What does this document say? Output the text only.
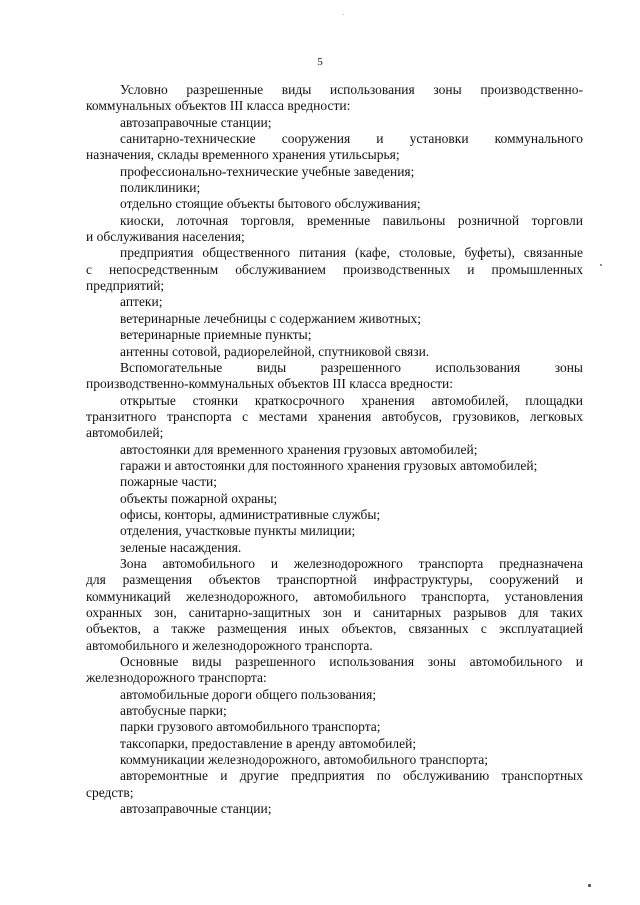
5
Условно разрешенные виды использования зоны производственно-
коммунальных объектов III класса вредности:
автозаправочные станции;
санитарно-технические сооружения и установки коммунального
назначения, склады временного хранения утильсырья;
профессионально-технические учебные заведения;
поликлиники;
отдельно стоящие объекты бытового обслуживания;
киоски, лоточная торговля, временные павильоны розничной торговли
и обслуживания населения;
предприятия общественного питания (кафе, столовые, буфеты), связанные
с непосредственным обслуживанием производственных и промышленных
предприятий;
аптеки;
ветеринарные лечебницы с содержанием животных;
ветеринарные приемные пункты;
антенны сотовой, радиорелейной, спутниковой связи.
Вспомогательные виды разрешенного использования зоны
производственно-коммунальных объектов III класса вредности:
открытые стоянки краткосрочного хранения автомобилей, площадки
транзитного транспорта с местами хранения автобусов, грузовиков, легковых
автомобилей;
автостоянки для временного хранения грузовых автомобилей;
гаражи и автостоянки для постоянного хранения грузовых автомобилей;
пожарные части;
объекты пожарной охраны;
офисы, конторы, административные службы;
отделения, участковые пункты милиции;
зеленые насаждения.
Зона автомобильного и железнодорожного транспорта предназначена
для размещения объектов транспортной инфраструктуры, сооружений и
коммуникаций железнодорожного, автомобильного транспорта, установления
охранных зон, санитарно-защитных зон и санитарных разрывов для таких
объектов, а также размещения иных объектов, связанных с эксплуатацией
автомобильного и железнодорожного транспорта.
Основные виды разрешенного использования зоны автомобильного и
железнодорожного транспорта:
автомобильные дороги общего пользования;
автобусные парки;
парки грузового автомобильного транспорта;
таксопарки, предоставление в аренду автомобилей;
коммуникации железнодорожного, автомобильного транспорта;
авторемонтные и другие предприятия по обслуживанию транспортных
средств;
автозаправочные станции;
